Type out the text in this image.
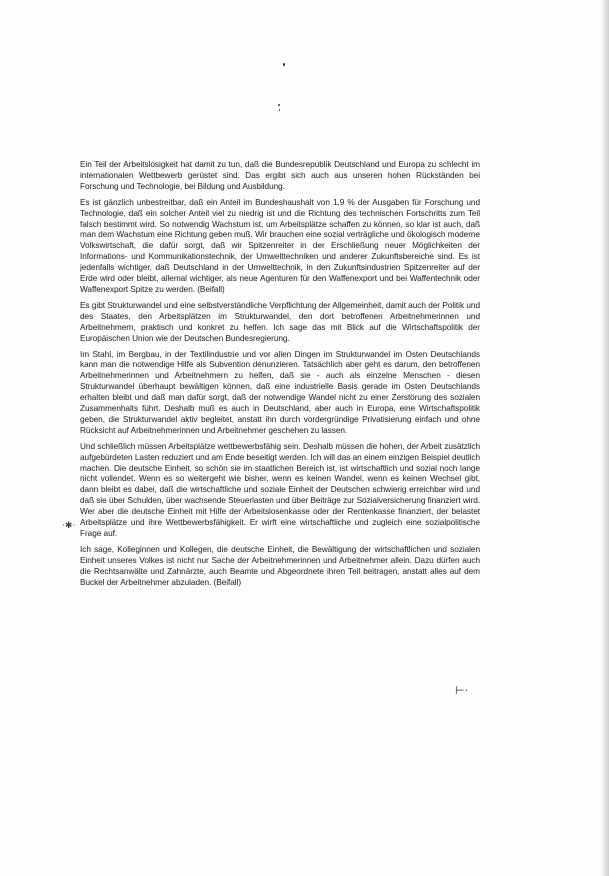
Ein Teil der Arbeitslosigkeit hat damit zu tun, daß die Bundesrepublik Deutschland und Europa zu schlecht im internationalen Wettbewerb gerüstet sind. Das ergibt sich auch aus unseren hohen Rückständen bei Forschung und Technologie, bei Bildung und Ausbildung.

Es ist gänzlich unbestreitbar, daß ein Anteil im Bundeshaushalt von 1,9 % der Ausgaben für Forschung und Technologie, daß ein solcher Anteil viel zu niedrig ist und die Richtung des technischen Fortschritts zum Teil falsch bestimmt wird. So notwendig Wachstum ist, um Arbeitsplätze schaffen zu können, so klar ist auch, daß man dem Wachstum eine Richtung geben muß. Wir brauchen eine sozial verträgliche und ökologisch moderne Volkswirtschaft, die dafür sorgt, daß wir Spitzenreiter in der Erschließung neuer Möglichkeiten der Informations- und Kommunikationstechnik, der Umwelttechniken und anderer Zukunftsbereiche sind. Es ist jedenfalls wichtiger, daß Deutschland in der Umwelttechnik, in den Zukunftsindustrien Spitzenreiter auf der Erde wird oder bleibt, allemal wichtiger, als neue Agenturen für den Waffenexport und bei Waffentechnik oder Waffenexport Spitze zu werden. (Beifall)

Es gibt Strukturwandel und eine selbstverständliche Verpflichtung der Allgemeinheit, damit auch der Politik und des Staates, den Arbeitsplätzen im Strukturwandel, den dort betroffenen Arbeitnehmerinnen und Arbeitnehmern, praktisch und konkret zu helfen. Ich sage das mit Blick auf die Wirtschaftspolitik der Europäischen Union wie der Deutschen Bundesregierung.

Im Stahl, im Bergbau, in der Textilindustrie und vor allen Dingen im Strukturwandel im Osten Deutschlands kann man die notwendige Hilfe als Subvention denunzieren. Tatsächlich aber geht es darum, den betroffenen Arbeitnehmerinnen und Arbeitnehmern zu helfen, daß sie - auch als einzelne Menschen - diesen Strukturwandel überhaupt bewältigen können, daß eine industrielle Basis gerade im Osten Deutschlands erhalten bleibt und daß man dafür sorgt, daß der notwendige Wandel nicht zu einer Zerstörung des sozialen Zusammenhalts führt. Deshalb muß es auch in Deutschland, aber auch in Europa, eine Wirtschaftspolitik geben, die Strukturwandel aktiv begleitet, anstatt ihn durch vordergründige Privatisierung einfach und ohne Rücksicht auf Arbeitnehmerinnen und Arbeitnehmer geschehen zu lassen.

Und schließlich müssen Arbeitsplätze wettbewerbsfähig sein. Deshalb müssen die hohen, der Arbeit zusätzlich aufgebürdeten Lasten reduziert und am Ende beseitigt werden. Ich will das an einem einzigen Beispiel deutlich machen. Die deutsche Einheit, so schön sie im staatlichen Bereich ist, ist wirtschaftlich und sozial noch lange nicht vollendet. Wenn es so weitergeht wie bisher, wenn es keinen Wandel, wenn es keinen Wechsel gibt, dann bleibt es dabei, daß die wirtschaftliche und soziale Einheit der Deutschen schwierig erreichbar wird und daß sie über Schulden, über wachsende Steuerlasten und über Beiträge zur Sozialversicherung finanziert wird. Wer aber die deutsche Einheit mit Hilfe der Arbeitslosenkasse oder der Rentenkasse finanziert, der belastet Arbeitsplätze und ihre Wettbewerbsfähigkeit. Er wirft eine wirtschaftliche und zugleich eine sozialpolitische Frage auf.

Ich sage, Kolleginnen und Kollegen, die deutsche Einheit, die Bewältigung der wirtschaftlichen und sozialen Einheit unseres Volkes ist nicht nur Sache der Arbeitnehmerinnen und Arbeitnehmer allein. Dazu dürfen auch die Rechtsanwälte und Zahnärzte, auch Beamte und Abgeordnete ihren Teil beitragen, anstatt alles auf dem Buckel der Arbeitnehmer abzuladen. (Beifall)

·✱·
⊢·
